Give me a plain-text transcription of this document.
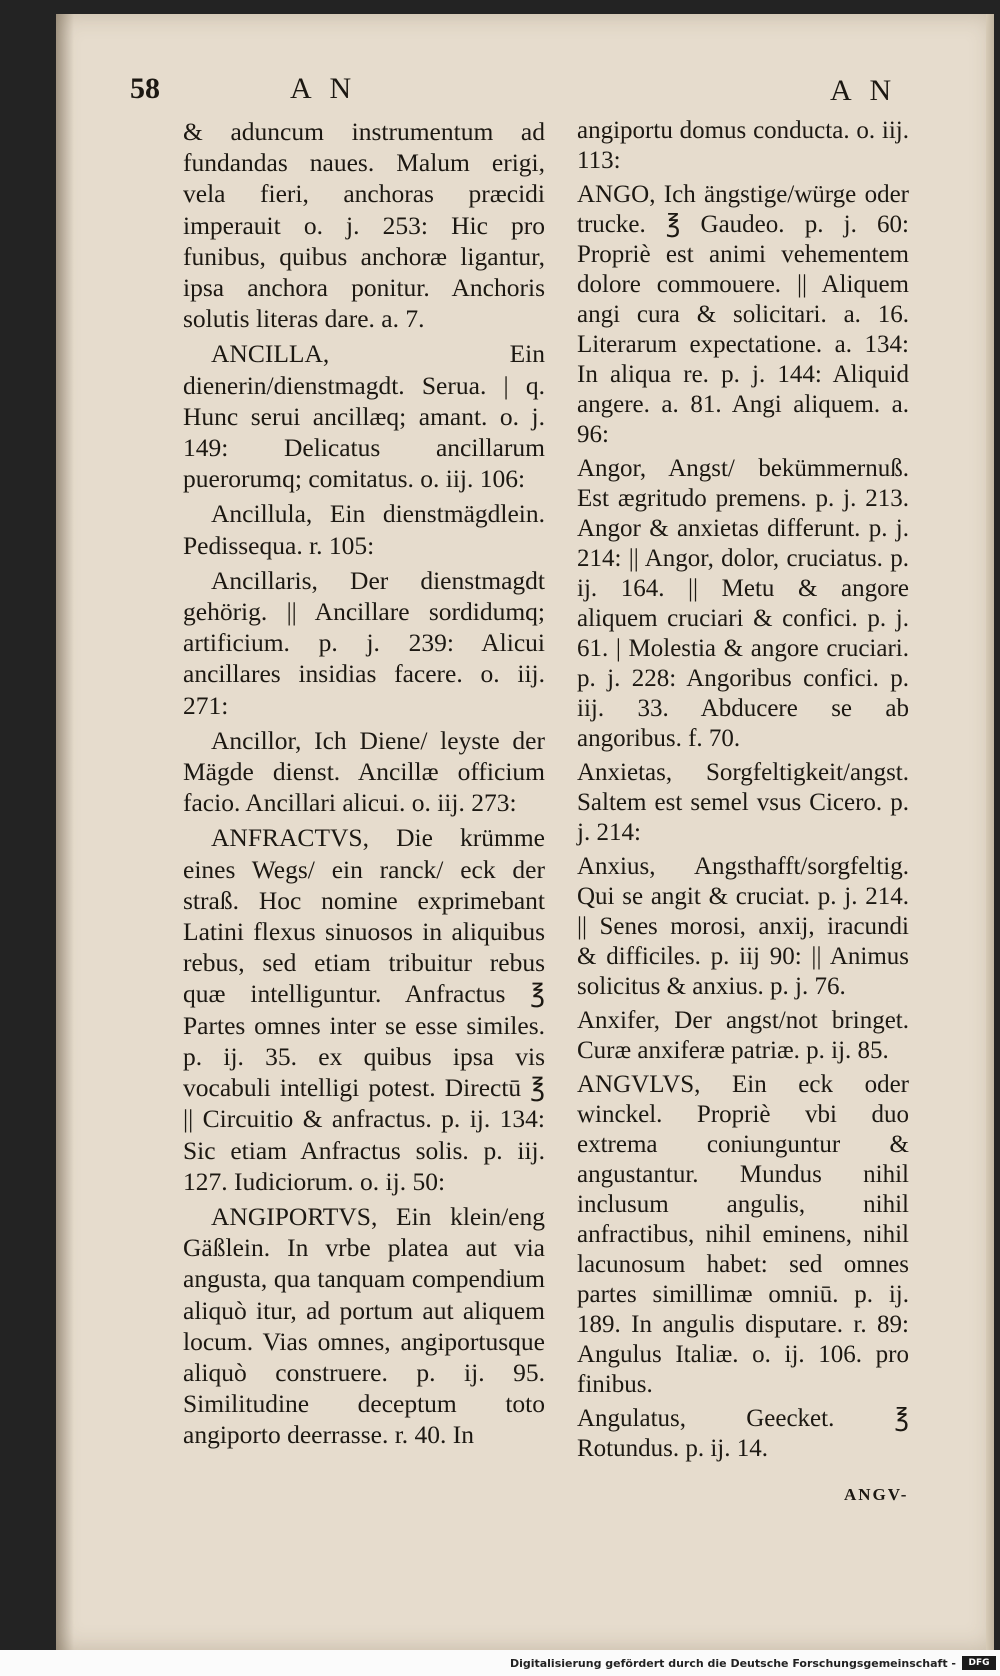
58	A N	A N

& aduncum instrumentum ad fundandas naues. Malum erigi, vela fieri, anchoras præcidi imperauit o. j. 253: Hic pro funibus, quibus anchoræ ligantur, ipsa anchora ponitur. Anchoris solutis literas dare. a. 7.

ANCILLA, Ein dienerin/dienstmagdt. Serua. | q. Hunc serui ancillæq; amant. o. j. 149: Delicatus ancillarum puerorumq; comitatus. o. iij. 106:

Ancillula, Ein dienstmägdlein. Pedissequa. r. 105:

Ancillaris, Der dienstmagdt gehörig. || Ancillare sordidumq; artificium. p. j. 239: Alicui ancillares insidias facere. o. iij. 271:

Ancillor, Ich Diene/ leyste der Mägde dienst. Ancillæ officium facio. Ancillari alicui. o. iij. 273:

ANFRACTVS, Die krümme eines Wegs/ ein ranck/ eck der straß. Hoc nomine exprimebant Latini flexus sinuosos in aliquibus rebus, sed etiam tribuitur rebus quæ intelliguntur. Anfractus ℥ Partes omnes inter se esse similes. p. ij. 35. ex quibus ipsa vis vocabuli intelligi potest. Directū ℥ || Circuitio & anfractus. p. ij. 134: Sic etiam Anfractus solis. p. iij. 127. Iudiciorum. o. ij. 50:

ANGIPORTVS, Ein klein/eng Gäßlein. In vrbe platea aut via angusta, qua tanquam compendium aliquò itur, ad portum aut aliquem locum. Vias omnes, angiportusque aliquò construere. p. ij. 95. Similitudine deceptum toto angiporto deerrasse. r. 40. In

angiportu domus conducta. o. iij. 113:

ANGO, Ich ängstige/würge oder trucke. ℥ Gaudeo. p. j. 60: Propriè est animi vehementem dolore commouere. || Aliquem angi cura & solicitari. a. 16. Literarum expectatione. a. 134: In aliqua re. p. j. 144: Aliquid angere. a. 81. Angi aliquem. a. 96:

Angor, Angst/ bekümmernuß. Est ægritudo premens. p. j. 213. Angor & anxietas differunt. p. j. 214: || Angor, dolor, cruciatus. p. ij. 164. || Metu & angore aliquem cruciari & confici. p. j. 61. | Molestia & angore cruciari. p. j. 228: Angoribus confici. p. iij. 33. Abducere se ab angoribus. f. 70.

Anxietas, Sorgfeltigkeit/angst. Saltem est semel vsus Cicero. p. j. 214:

Anxius, Angsthafft/sorgfeltig. Qui se angit & cruciat. p. j. 214. || Senes morosi, anxij, iracundi & difficiles. p. iij 90: || Animus solicitus & anxius. p. j. 76.

Anxifer, Der angst/not bringet. Curæ anxiferæ patriæ. p. ij. 85.

ANGVLVS, Ein eck oder winckel. Propriè vbi duo extrema coniunguntur & angustantur. Mundus nihil inclusum angulis, nihil anfractibus, nihil eminens, nihil lacunosum habet: sed omnes partes simillimæ omniū. p. ij. 189. In angulis disputare. r. 89: Angulus Italiæ. o. ij. 106. pro finibus.

Angulatus, Geecket. ℥ Rotundus. p. ij. 14.

ANGV-
Digitalisierung gefördert durch die Deutsche Forschungsgemeinschaft -	DFG
